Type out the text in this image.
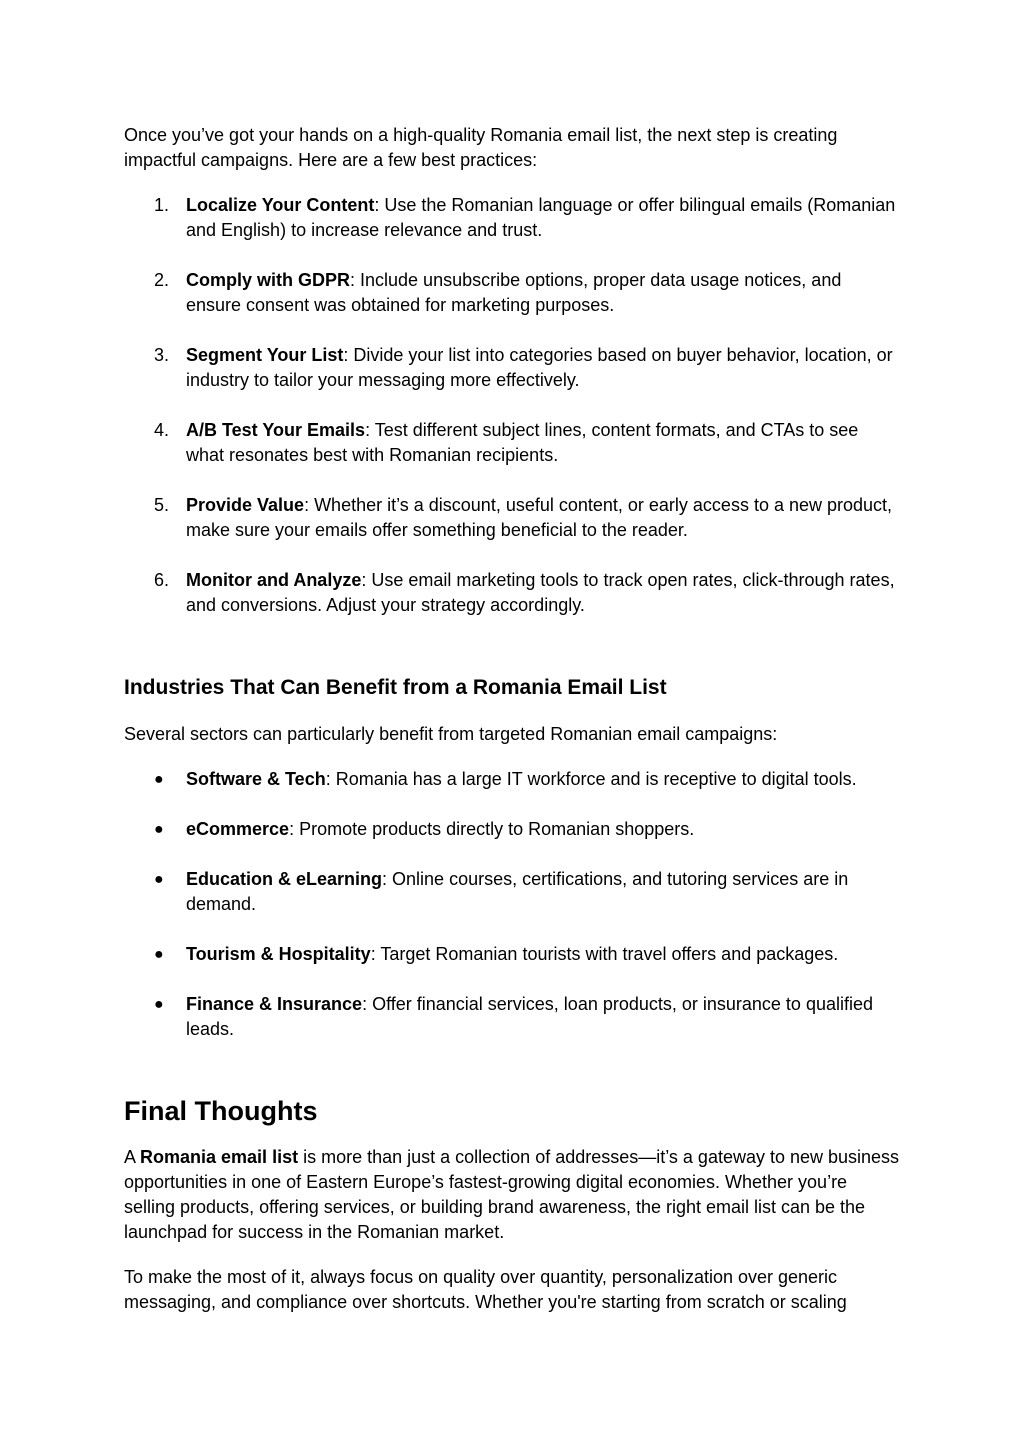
Once you’ve got your hands on a high-quality Romania email list, the next step is creating impactful campaigns. Here are a few best practices:

1. Localize Your Content: Use the Romanian language or offer bilingual emails (Romanian and English) to increase relevance and trust.
2. Comply with GDPR: Include unsubscribe options, proper data usage notices, and ensure consent was obtained for marketing purposes.
3. Segment Your List: Divide your list into categories based on buyer behavior, location, or industry to tailor your messaging more effectively.
4. A/B Test Your Emails: Test different subject lines, content formats, and CTAs to see what resonates best with Romanian recipients.
5. Provide Value: Whether it’s a discount, useful content, or early access to a new product, make sure your emails offer something beneficial to the reader.
6. Monitor and Analyze: Use email marketing tools to track open rates, click-through rates, and conversions. Adjust your strategy accordingly.
Industries That Can Benefit from a Romania Email List

Several sectors can particularly benefit from targeted Romanian email campaigns:

●	Software & Tech: Romania has a large IT workforce and is receptive to digital tools.
●	eCommerce: Promote products directly to Romanian shoppers.
●	Education & eLearning: Online courses, certifications, and tutoring services are in demand.
●	Tourism & Hospitality: Target Romanian tourists with travel offers and packages.
●	Finance & Insurance: Offer financial services, loan products, or insurance to qualified leads.
Final Thoughts

A Romania email list is more than just a collection of addresses—it’s a gateway to new business opportunities in one of Eastern Europe’s fastest-growing digital economies. Whether you’re selling products, offering services, or building brand awareness, the right email list can be the launchpad for success in the Romanian market.

To make the most of it, always focus on quality over quantity, personalization over generic messaging, and compliance over shortcuts. Whether you're starting from scratch or scaling
